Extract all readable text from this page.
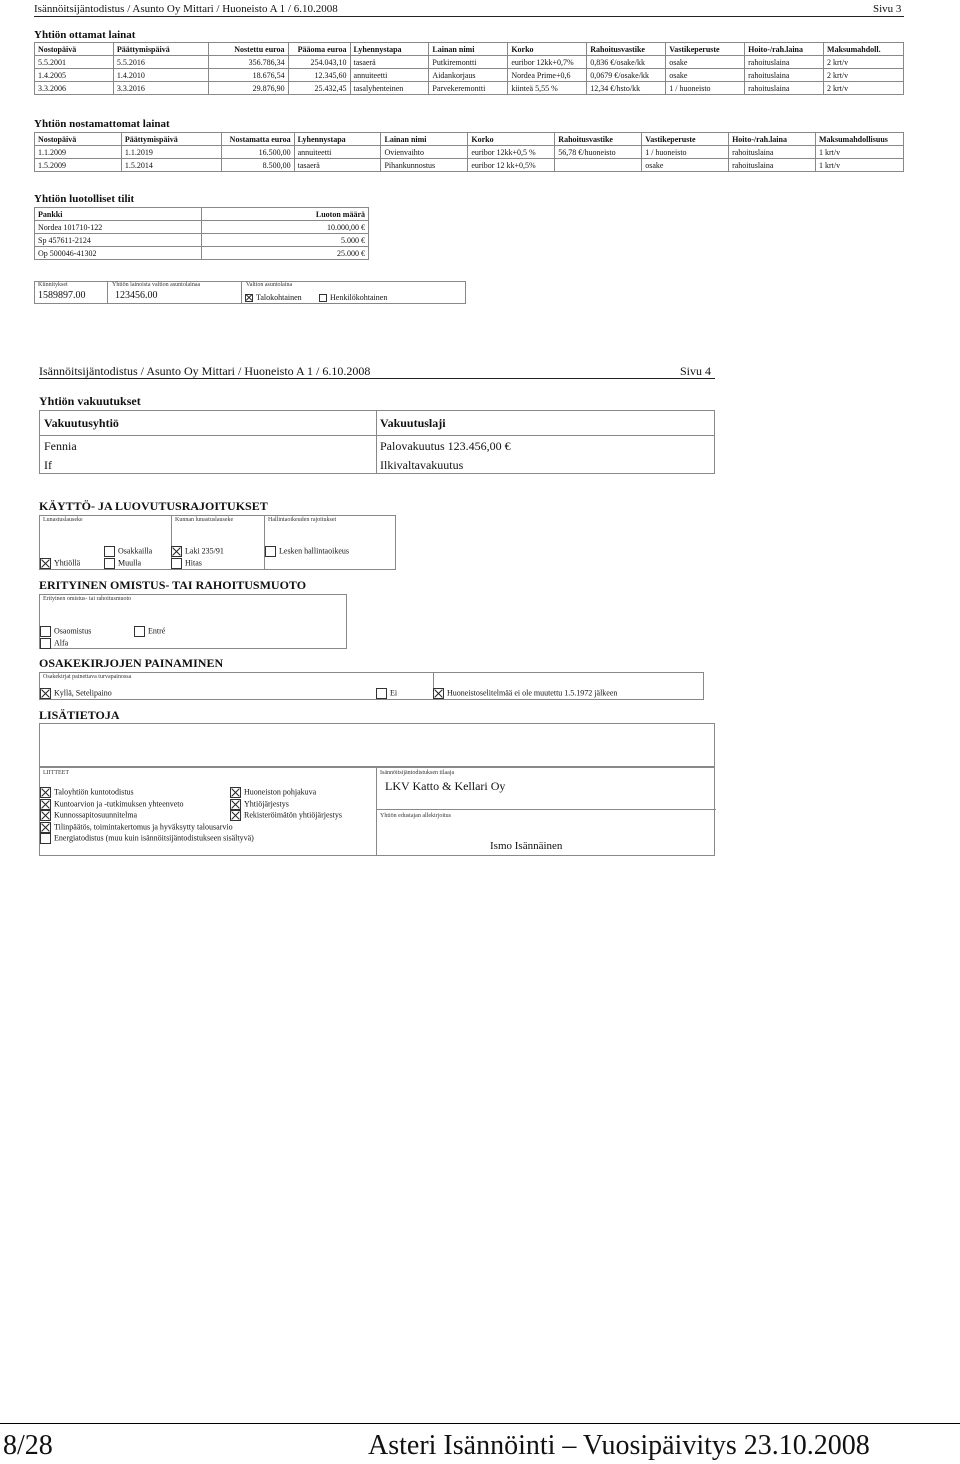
Isännöitsijäntodistus / Asunto Oy Mittari / Huoneisto A 1 / 6.10.2008	Sivu 3
Yhtiön ottamat lainat
Nostopäivä	Päättymispäivä	Nostettu euroa	Pääoma euroa	Lyhennystapa	Lainan nimi	Korko	Rahoitusvastike	Vastikeperuste	Hoito-/rah.laina	Maksumahdoll.
5.5.2001	5.5.2016	356.786,34	254.043,10	tasaerä	Putkiremontti	euribor 12kk+0,7%	0,836 €/osake/kk	osake	rahoituslaina	2 krt/v
1.4.2005	1.4.2010	18.676,54	12.345,60	annuiteetti	Aidankorjaus	Nordea Prime+0,6	0,0679 €/osake/kk	osake	rahoituslaina	2 krt/v
3.3.2006	3.3.2016	29.876,90	25.432,45	tasalyhenteinen	Parvekeremontti	kiinteä 5,55 %	12,34 €/hsto/kk	1 / huoneisto	rahoituslaina	2 krt/v
Yhtiön nostamattomat lainat
Nostopäivä	Päättymispäivä	Nostamatta euroa	Lyhennystapa	Lainan nimi	Korko	Rahoitusvastike	Vastikeperuste	Hoito-/rah.laina	Maksumahdollisuus
1.1.2009	1.1.2019	16.500,00	annuiteetti	Ovienvaihto	euribor 12kk+0,5 %	56,78 €/huoneisto	1 / huoneisto	rahoituslaina	1 krt/v
1.5.2009	1.5.2014	8.500,00	tasaerä	Pihankunnostus	euribor 12 kk+0,5%		osake	rahoituslaina	1 krt/v
Yhtiön luotolliset tilit
Pankki	Luoton määrä
Nordea 101710-122	10.000,00 €
Sp 457611-2124	5.000 €
Op 500046-41302	25.000 €
Kiinnitykset
1589897.00
Yhtiön lainoista valtion asuntolainaa
123456.00
Valtion asuntolaina
Talokohtainen	Henkilökohtainen
Isännöitsijäntodistus / Asunto Oy Mittari / Huoneisto A 1 / 6.10.2008	Sivu 4
Yhtiön vakuutukset
Vakuutusyhtiö	Vakuutuslaji
Fennia	Palovakuutus 123.456,00 €
If	Ilkivaltavakuutus
KÄYTTÖ- JA LUOVUTUSRAJOITUKSET
Lunastuslauseke	Kunnan lunastuslauseke	Hallintaoikeuden rajoitukset
Yhtiöllä
Osakkailla
Muulla
Laki 235/91
Hitas
Lesken hallintaoikeus
ERITYINEN OMISTUS- TAI RAHOITUSMUOTO
Erityinen omistus- tai rahoitusmuoto
Osaomistus
Alfa
Entré
OSAKEKIRJOJEN PAINAMINEN
Osakekirjat painettava turvapainossa
Kyllä, Setelipaino	Ei	Huoneistoselitelmää ei ole muutettu 1.5.1972 jälkeen
LISÄTIETOJA
LIITTEET
Taloyhtiön kuntotodistus
Kuntoarvion ja -tutkimuksen yhteenveto
Kunnossapitosuunnitelma
Tilinpäätös, toimintakertomus ja hyväksytty talousarvio
Energiatodistus (muu kuin isännöitsijäntodistukseen sisältyvä)
Huoneiston pohjakuva
Yhtiöjärjestys
Rekisteröimätön yhtiöjärjestys
Isännöitsijäntodistuksen tilaaja
LKV Katto & Kellari Oy
Yhtiön edustajan allekirjoitus
Ismo Isännäinen
8/28	Asteri Isännöinti – Vuosipäivitys 23.10.2008
